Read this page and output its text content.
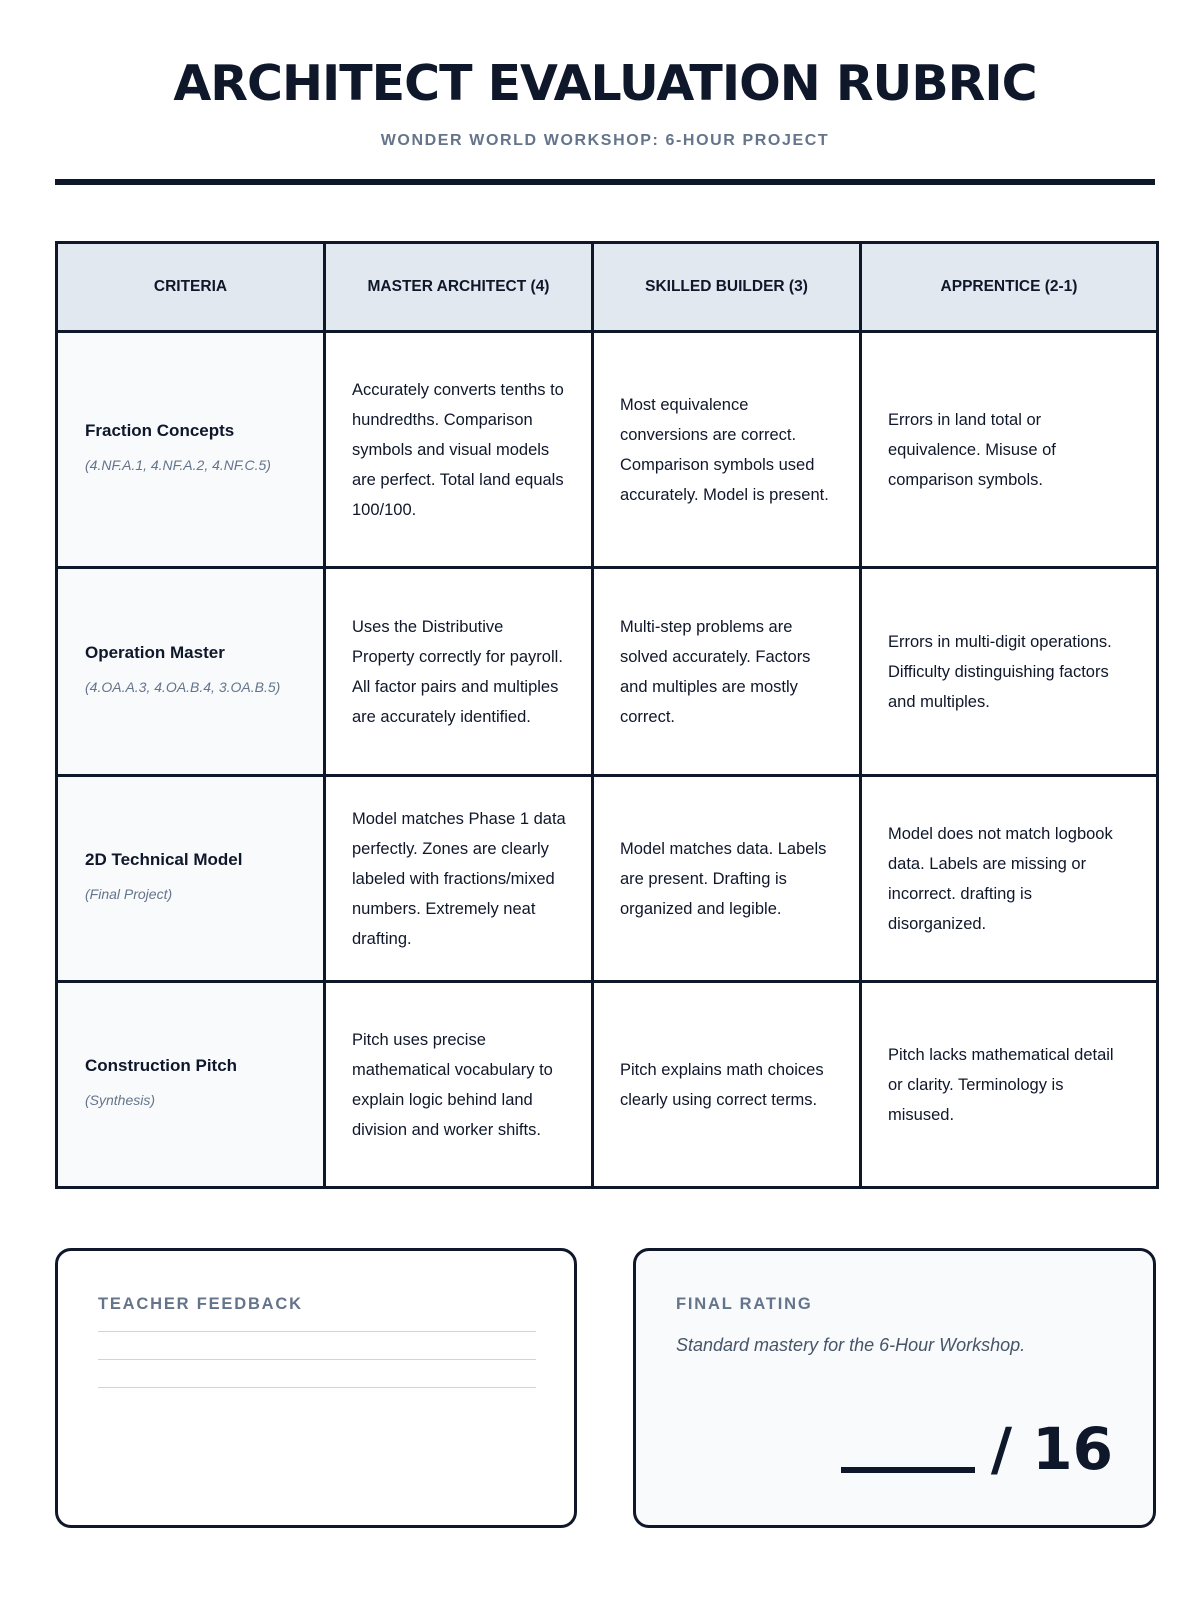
ARCHITECT EVALUATION RUBRIC
WONDER WORLD WORKSHOP: 6-HOUR PROJECT
CRITERIA	MASTER ARCHITECT (4)	SKILLED BUILDER (3)	APPRENTICE (2-1)

Fraction Concepts
(4.NF.A.1, 4.NF.A.2, 4.NF.C.5)	Accurately converts tenths to hundredths. Comparison symbols and visual models are perfect. Total land equals 100/100.	Most equivalence conversions are correct. Comparison symbols used accurately. Model is present.	Errors in land total or equivalence. Misuse of comparison symbols.

Operation Master
(4.OA.A.3, 4.OA.B.4, 3.OA.B.5)	Uses the Distributive Property correctly for payroll. All factor pairs and multiples are accurately identified.	Multi-step problems are solved accurately. Factors and multiples are mostly correct.	Errors in multi-digit operations. Difficulty distinguishing factors and multiples.

2D Technical Model
(Final Project)	Model matches Phase 1 data perfectly. Zones are clearly labeled with fractions/mixed numbers. Extremely neat drafting.	Model matches data. Labels are present. Drafting is organized and legible.	Model does not match logbook data. Labels are missing or incorrect. drafting is disorganized.

Construction Pitch
(Synthesis)	Pitch uses precise mathematical vocabulary to explain logic behind land division and worker shifts.	Pitch explains math choices clearly using correct terms.	Pitch lacks mathematical detail or clarity. Terminology is misused.
TEACHER FEEDBACK	FINAL RATING
Standard mastery for the 6-Hour Workshop.
/ 16
